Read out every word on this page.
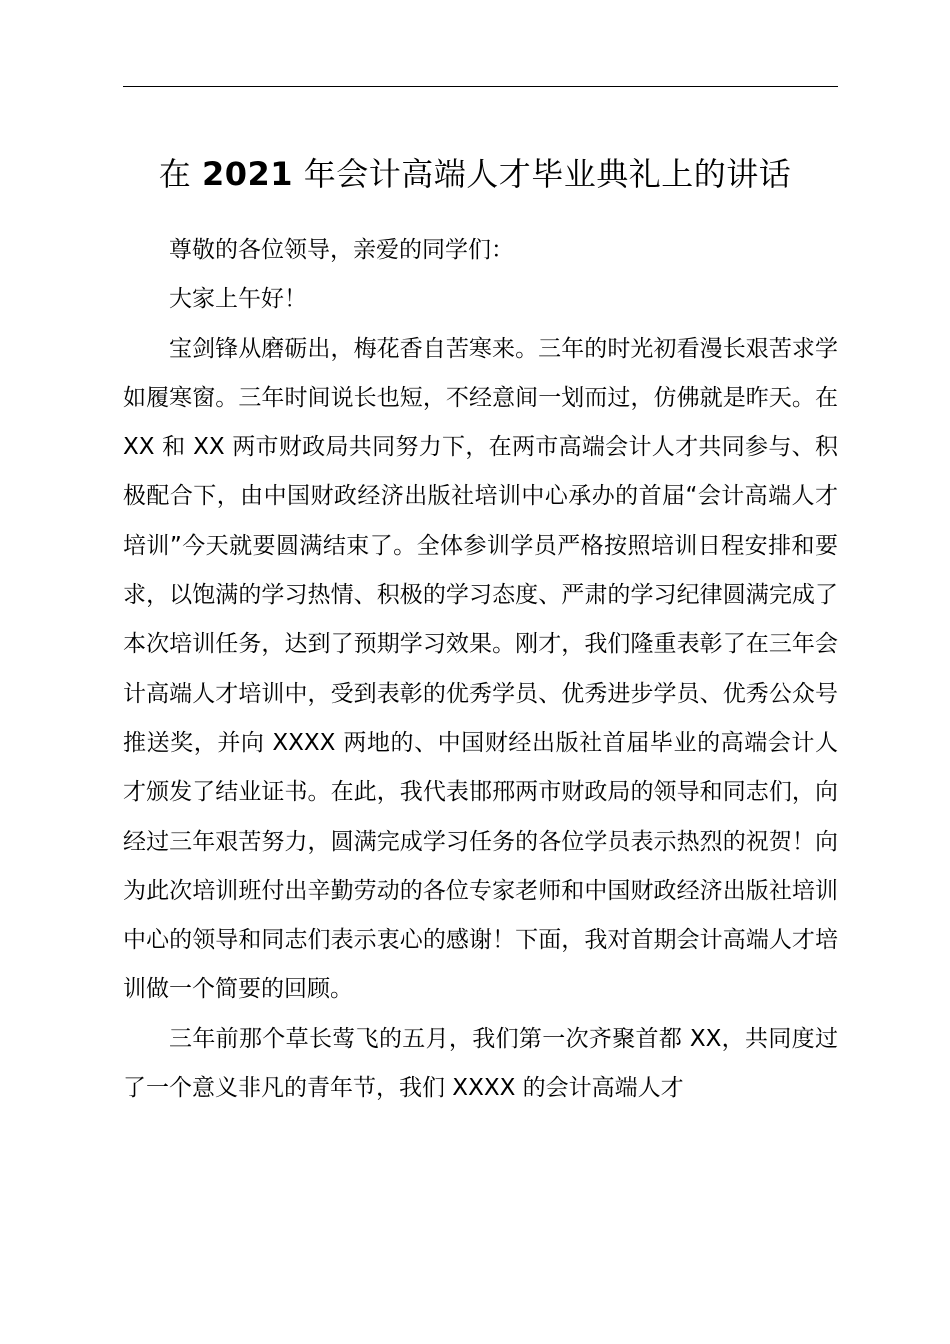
在 2021 年会计高端人才毕业典礼上的讲话

尊敬的各位领导，亲爱的同学们：

大家上午好！

宝剑锋从磨砺出，梅花香自苦寒来。三年的时光初看漫长艰苦求学如履寒窗。三年时间说长也短，不经意间一划而过，仿佛就是昨天。在 XX 和 XX 两市财政局共同努力下，在两市高端会计人才共同参与、积极配合下，由中国财政经济出版社培训中心承办的首届“会计高端人才培训”今天就要圆满结束了。全体参训学员严格按照培训日程安排和要求，以饱满的学习热情、积极的学习态度、严肃的学习纪律圆满完成了本次培训任务，达到了预期学习效果。刚才，我们隆重表彰了在三年会计高端人才培训中，受到表彰的优秀学员、优秀进步学员、优秀公众号推送奖，并向 XXXX 两地的、中国财经出版社首届毕业的高端会计人才颁发了结业证书。在此，我代表邯郉两市财政局的领导和同志们，向经过三年艰苦努力，圆满完成学习任务的各位学员表示热烈的祝贺！向为此次培训班付出辛勤劳动的各位专家老师和中国财政经济出版社培训中心的领导和同志们表示衷心的感谢！下面，我对首期会计高端人才培训做一个简要的回顾。

三年前那个草长莺飞的五月，我们第一次齐聚首都 XX，共同度过了一个意义非凡的青年节，我们 XXXX 的会计高端人才
